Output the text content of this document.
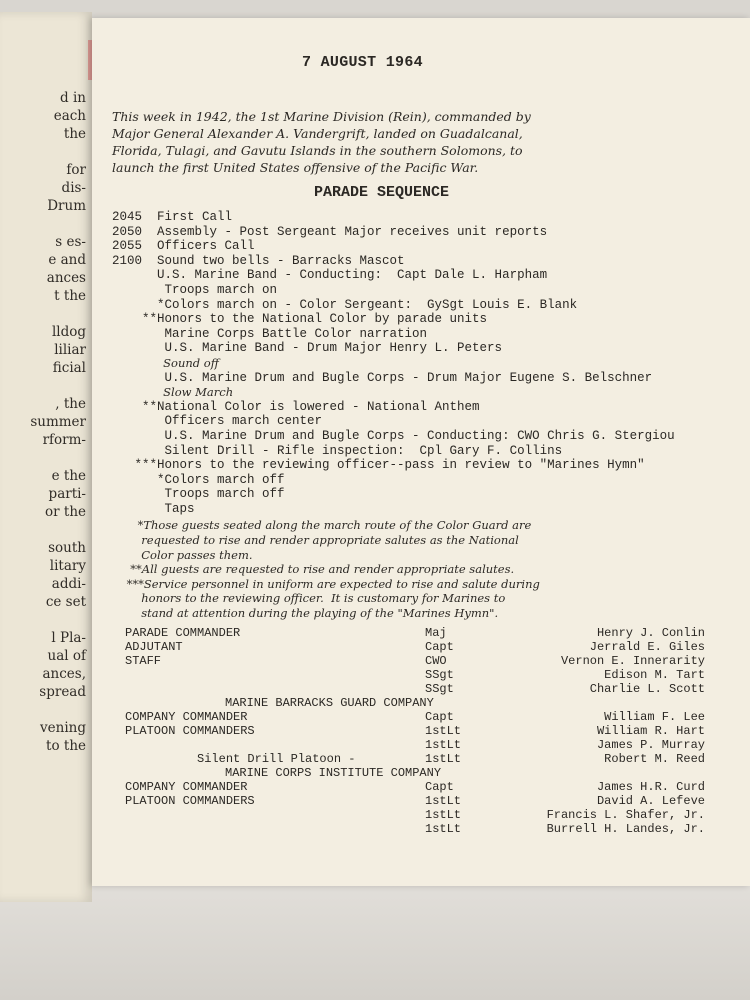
d in
each
the
for
dis-
Drum
s es-
e and
ances
t the
lldog
liliar
ficial
, the
summer
rform-
e the
parti-
or the
south
litary
addi-
ce set
l Pla-
ual of
ances,
spread
vening
to the
7 AUGUST 1964
This week in 1942, the 1st Marine Division (Rein), commanded by
Major General Alexander A. Vandergrift, landed on Guadalcanal,
Florida, Tulagi, and Gavutu Islands in the southern Solomons, to
launch the first United States offensive of the Pacific War.
PARADE SEQUENCE
2045  First Call
2050  Assembly - Post Sergeant Major receives unit reports
2055  Officers Call
2100  Sound two bells - Barracks Mascot
U.S. Marine Band - Conducting:  Capt Dale L. Harpham
Troops march on
*Colors march on - Color Sergeant:  GySgt Louis E. Blank
**Honors to the National Color by parade units
Marine Corps Battle Color narration
U.S. Marine Band - Drum Major Henry L. Peters
Sound off
U.S. Marine Drum and Bugle Corps - Drum Major Eugene S. Belschner
Slow March
**National Color is lowered - National Anthem
Officers march center
U.S. Marine Drum and Bugle Corps - Conducting: CWO Chris G. Stergiou
Silent Drill - Rifle inspection:  Cpl Gary F. Collins
***Honors to the reviewing officer--pass in review to "Marines Hymn"
*Colors march off
Troops march off
Taps
*Those guests seated along the march route of the Color Guard are
requested to rise and render appropriate salutes as the National
Color passes them.
**All guests are requested to rise and render appropriate salutes.
***Service personnel in uniform are expected to rise and salute during
honors to the reviewing officer.  It is customary for Marines to
stand at attention during the playing of the "Marines Hymn".
PARADE COMMANDER	Maj	Henry J. Conlin
ADJUTANT	Capt	Jerrald E. Giles
STAFF	CWO	Vernon E. Innerarity
SSgt	Edison M. Tart
SSgt	Charlie L. Scott
MARINE BARRACKS GUARD COMPANY
COMPANY COMMANDER	Capt	William F. Lee
PLATOON COMMANDERS	1stLt	William R. Hart
1stLt	James P. Murray
Silent Drill Platoon -	1stLt	Robert M. Reed
MARINE CORPS INSTITUTE COMPANY
COMPANY COMMANDER	Capt	James H.R. Curd
PLATOON COMMANDERS	1stLt	David A. Lefeve
1stLt	Francis L. Shafer, Jr.
1stLt	Burrell H. Landes, Jr.
